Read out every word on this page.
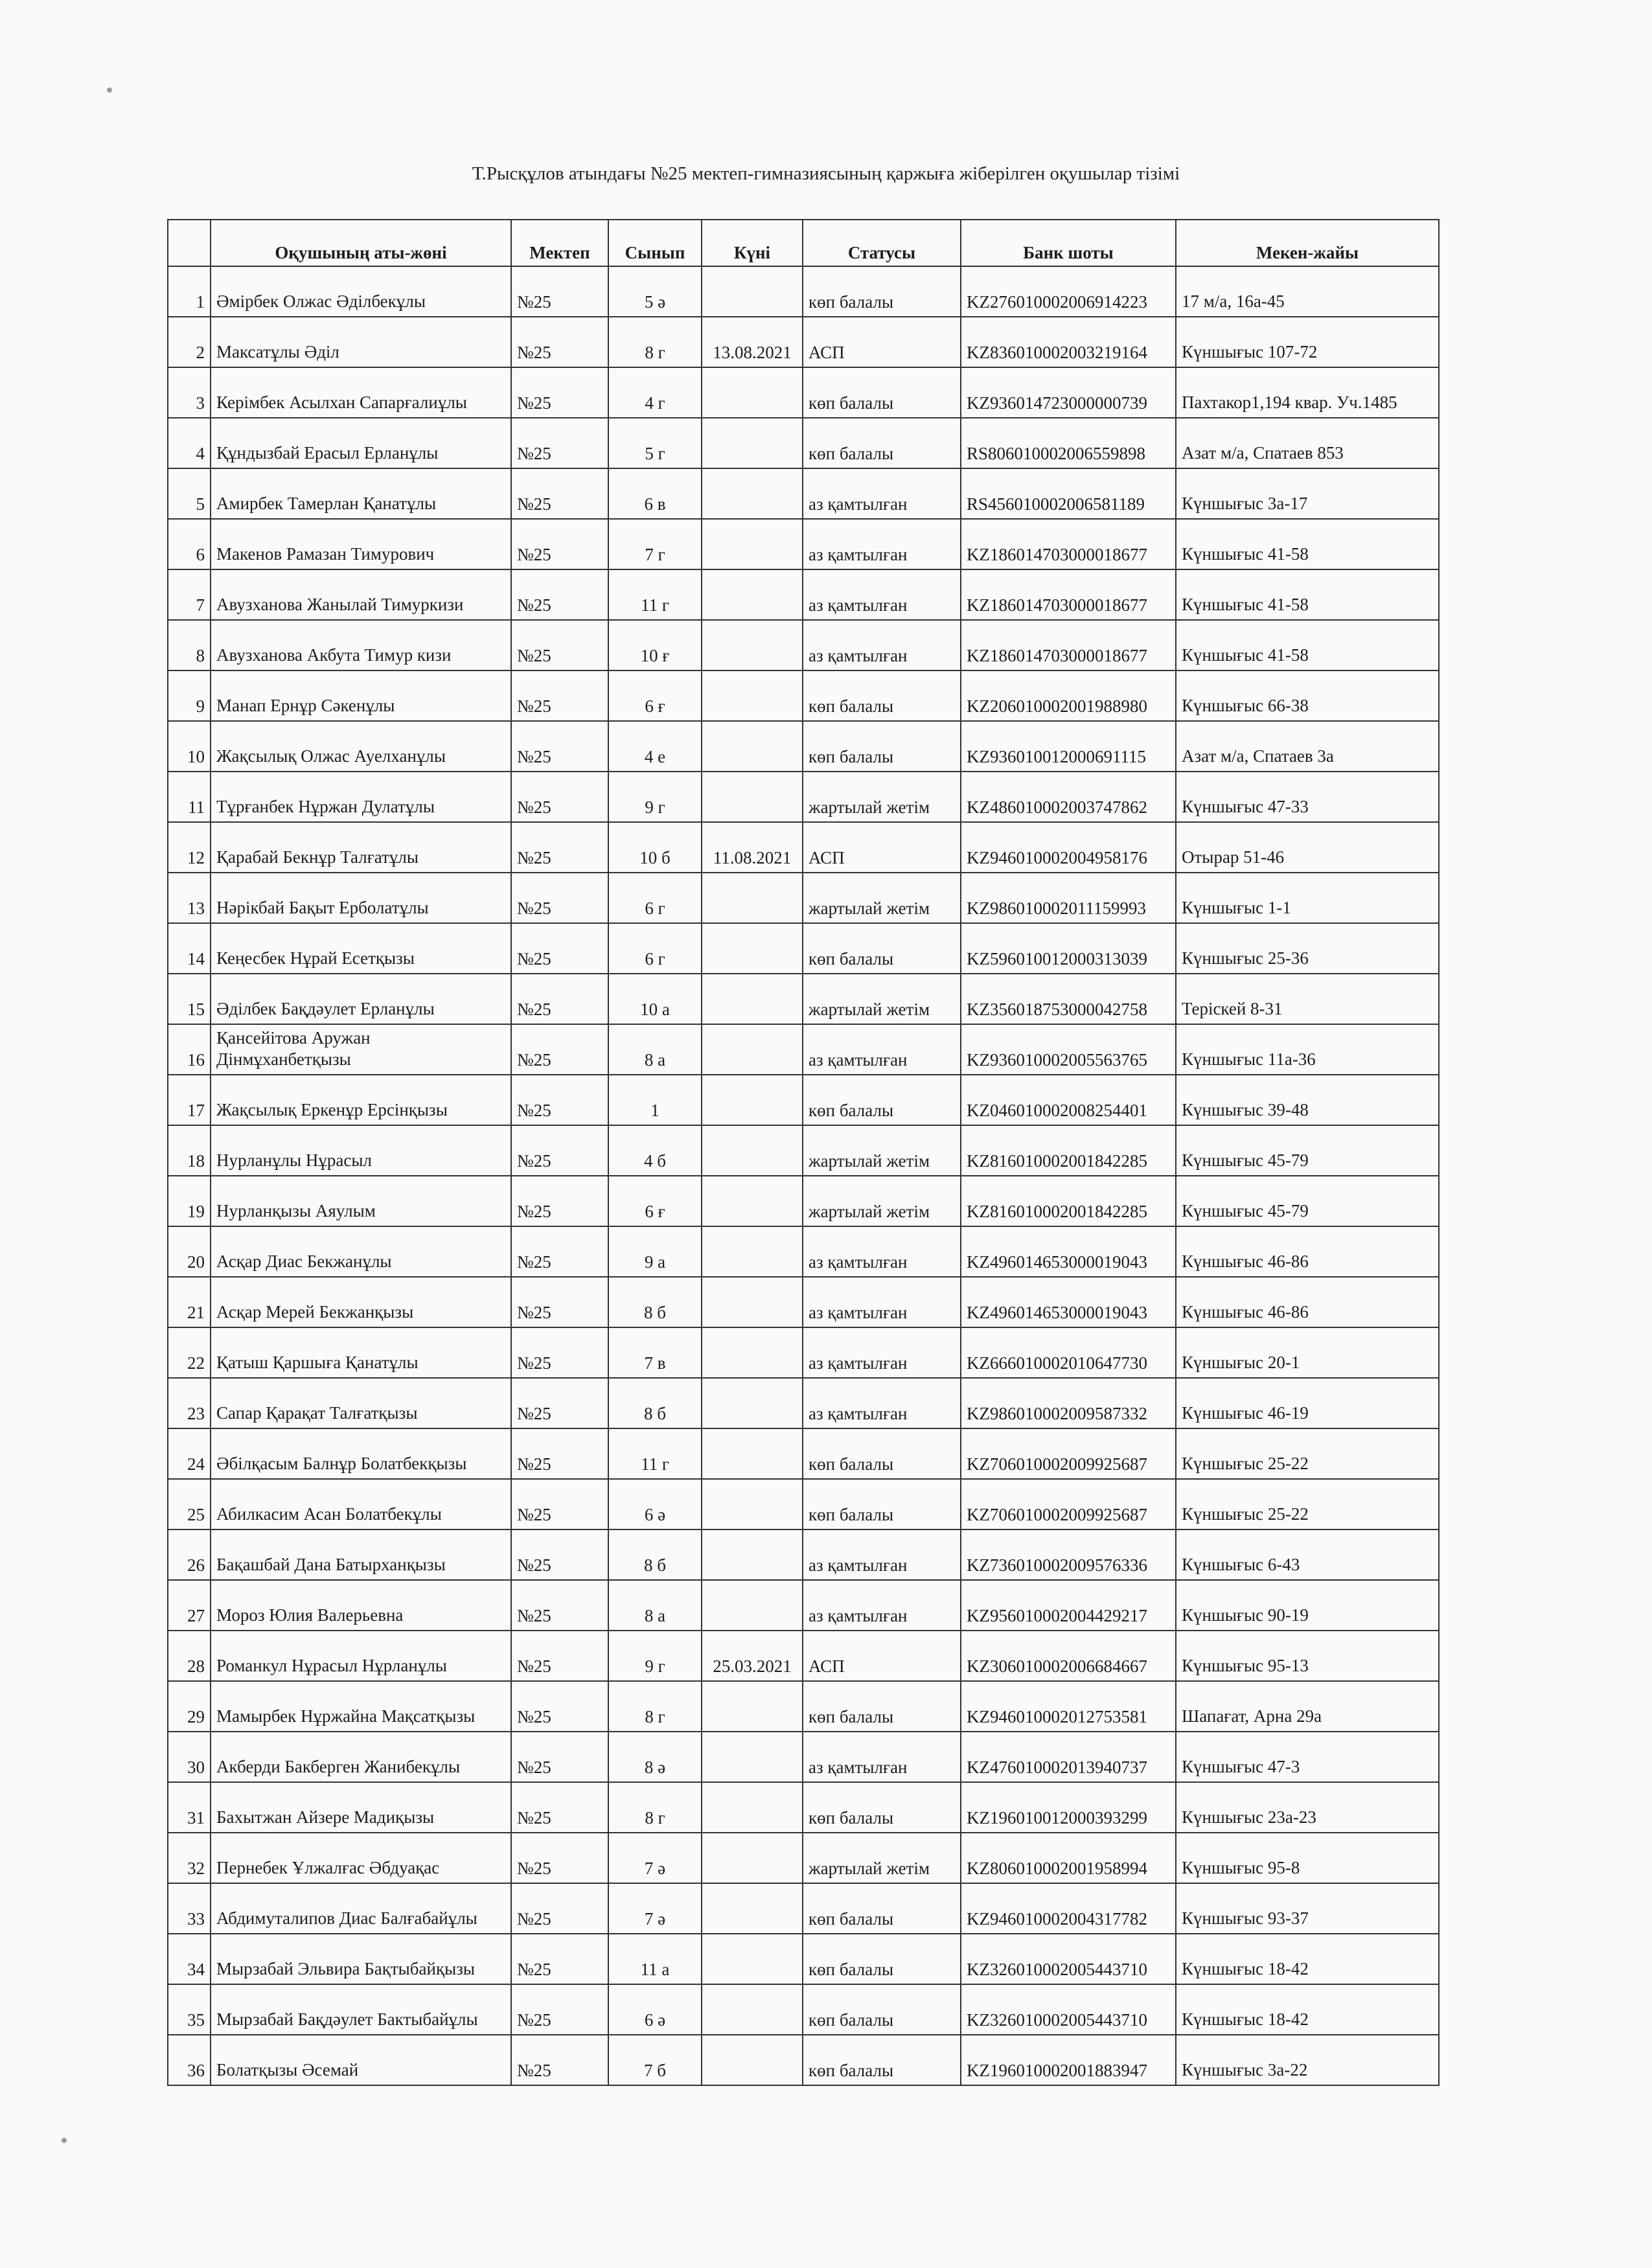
Т.Рысқұлов атындағы №25 мектеп-гимназиясының қаржыға жіберілген оқушылар тізімі
	Оқушының аты-жөні	Мектеп	Сынып	Күні	Статусы	Банк шоты	Мекен-жайы
1	Әмірбек Олжас Әділбекұлы	№25	5 ә		көп балалы	KZ276010002006914223	17 м/а, 16а-45
2	Максатұлы Әділ	№25	8 г	13.08.2021	АСП	KZ836010002003219164	Күншығыс 107-72
3	Керімбек Асылхан Сапарғалиұлы	№25	4 г		көп балалы	KZ936014723000000739	Пахтакор1,194 квар. Уч.1485
4	Құндызбай Ерасыл Ерланұлы	№25	5 г		көп балалы	RS806010002006559898	Азат м/а, Спатаев 853
5	Амирбек Тамерлан Қанатұлы	№25	6 в		аз қамтылған	RS456010002006581189	Күншығыс 3а-17
6	Макенов Рамазан Тимурович	№25	7 г		аз қамтылған	KZ186014703000018677	Күншығыс 41-58
7	Авузханова Жанылай Тимуркизи	№25	11 г		аз қамтылған	KZ186014703000018677	Күншығыс 41-58
8	Авузханова Акбута Тимур кизи	№25	10 ғ		аз қамтылған	KZ186014703000018677	Күншығыс 41-58
9	Манап Ернұр Сәкенұлы	№25	6 ғ		көп балалы	KZ206010002001988980	Күншығыс 66-38
10	Жақсылық Олжас Ауелханұлы	№25	4 е		көп балалы	KZ936010012000691115	Азат м/а, Спатаев 3а
11	Тұрғанбек Нұржан Дулатұлы	№25	9 г		жартылай жетім	KZ486010002003747862	Күншығыс 47-33
12	Қарабай Бекнұр Талғатұлы	№25	10 б	11.08.2021	АСП	KZ946010002004958176	Отырар 51-46
13	Нәрікбай Бақыт Ерболатұлы	№25	6 г		жартылай жетім	KZ986010002011159993	Күншығыс 1-1
14	Кеңесбек Нұрай Есетқызы	№25	6 г		көп балалы	KZ596010012000313039	Күншығыс 25-36
15	Әділбек Бақдәулет Ерланұлы	№25	10 а		жартылай жетім	KZ356018753000042758	Теріскей 8-31
16	Қансейітова Аружан Дінмұханбетқызы	№25	8 а		аз қамтылған	KZ936010002005563765	Күншығыс 11а-36
17	Жақсылық Еркенұр Ерсінқызы	№25	1		көп балалы	KZ046010002008254401	Күншығыс 39-48
18	Нурланұлы Нұрасыл	№25	4 б		жартылай жетім	KZ816010002001842285	Күншығыс 45-79
19	Нурланқызы Аяулым	№25	6 ғ		жартылай жетім	KZ816010002001842285	Күншығыс 45-79
20	Асқар Диас Бекжанұлы	№25	9 а		аз қамтылған	KZ496014653000019043	Күншығыс 46-86
21	Асқар Мерей Бекжанқызы	№25	8 б		аз қамтылған	KZ496014653000019043	Күншығыс 46-86
22	Қатыш Қаршыға Қанатұлы	№25	7 в		аз қамтылған	KZ666010002010647730	Күншығыс 20-1
23	Сапар Қарақат Талғатқызы	№25	8 б		аз қамтылған	KZ986010002009587332	Күншығыс 46-19
24	Әбілқасым Балнұр Болатбекқызы	№25	11 г		көп балалы	KZ706010002009925687	Күншығыс 25-22
25	Абилкасим Асан Болатбекұлы	№25	6 ә		көп балалы	KZ706010002009925687	Күншығыс 25-22
26	Бақашбай Дана Батырханқызы	№25	8 б		аз қамтылған	KZ736010002009576336	Күншығыс 6-43
27	Мороз Юлия Валерьевна	№25	8 а		аз қамтылған	KZ956010002004429217	Күншығыс 90-19
28	Романкул Нұрасыл Нұрланұлы	№25	9 г	25.03.2021	АСП	KZ306010002006684667	Күншығыс 95-13
29	Мамырбек Нұржайна Мақсатқызы	№25	8 г		көп балалы	KZ946010002012753581	Шапағат, Арна 29а
30	Акберди Бакберген Жанибекұлы	№25	8 ә		аз қамтылған	KZ476010002013940737	Күншығыс 47-3
31	Бахытжан Айзере Мадиқызы	№25	8 г		көп балалы	KZ196010012000393299	Күншығыс 23а-23
32	Пернебек Ұлжалғас Әбдуақас	№25	7 ә		жартылай жетім	KZ806010002001958994	Күншығыс 95-8
33	Абдимуталипов Диас Балғабайұлы	№25	7 ә		көп балалы	KZ946010002004317782	Күншығыс 93-37
34	Мырзабай Эльвира Бақтыбайқызы	№25	11 а		көп балалы	KZ326010002005443710	Күншығыс 18-42
35	Мырзабай Бақдәулет Бактыбайұлы	№25	6 ә		көп балалы	KZ326010002005443710	Күншығыс 18-42
36	Болатқызы Әсемай	№25	7 б		көп балалы	KZ196010002001883947	Күншығыс 3а-22
